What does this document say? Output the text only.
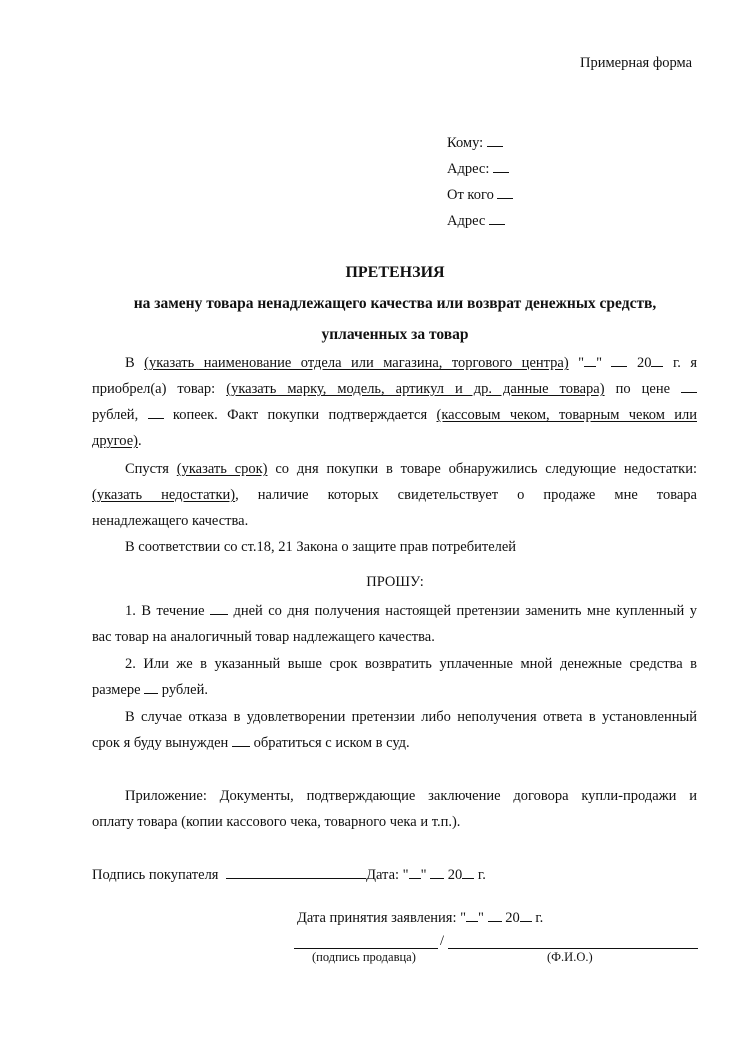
Примерная форма
Кому:
Адрес:
От кого
Адрес
ПРЕТЕНЗИЯ
на замену товара ненадлежащего качества или возврат денежных средств,
уплаченных за товар
В (указать наименование отдела или магазина, торгового центра) " " 20 г. я
приобрел(а) товар: (указать марку, модель, артикул и др. данные товара) по цене
рублей, копеек. Факт покупки подтверждается (кассовым чеком, товарным чеком или
другое).
Спустя (указать срок) со дня покупки в товаре обнаружились следующие недостатки:
(указать недостатки), наличие которых свидетельствует о продаже мне товара
ненадлежащего качества.
В соответствии со ст.18, 21 Закона о защите прав потребителей
ПРОШУ:
1. В течение дней со дня получения настоящей претензии заменить мне купленный у
вас товар на аналогичный товар надлежащего качества.
2. Или же в указанный выше срок возвратить уплаченные мной денежные средства в
размере рублей.
В случае отказа в удовлетворении претензии либо неполучения ответа в установленный
срок я буду вынужден обратиться с иском в суд.
Приложение: Документы, подтверждающие заключение договора купли-продажи и
оплату товара (копии кассового чека, товарного чека и т.п.).
Подпись покупателя	Дата: " " 20 г.
Дата принятия заявления: " " 20 г.
/
(подпись продавца)	(Ф.И.О.)
